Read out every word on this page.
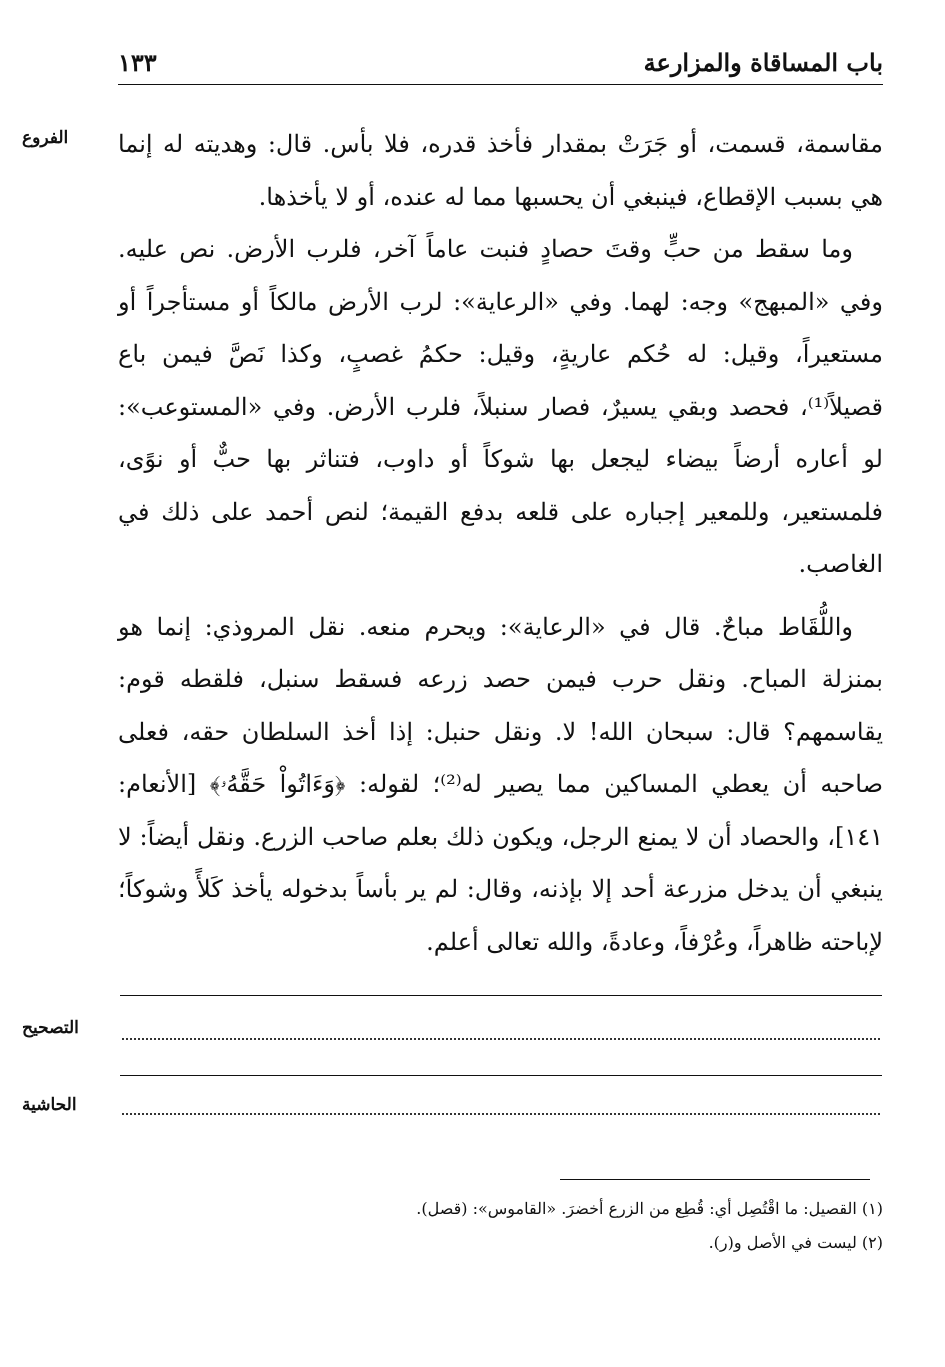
باب المساقاة والمزارعة
١٣٣
الفروع	مقاسمة، قسمت، أو جَرَتْ بمقدار فأخذ قدره، فلا بأس. قال: وهديته له إنما هي بسبب الإقطاع، فينبغي أن يحسبها مما له عنده، أو لا يأخذها.

وما سقط من حبٍّ وقتَ حصادٍ فنبت عاماً آخر، فلرب الأرض. نص عليه. وفي «المبهج» وجه: لهما. وفي «الرعاية»: لرب الأرض مالكاً أو مستأجراً أو مستعيراً، وقيل: له حُكم عاريةٍ، وقيل: حكمُ غصبٍ، وكذا نَصَّ فيمن باع قصيلاً⁽¹⁾، فحصد وبقي يسيرٌ، فصار سنبلاً، فلرب الأرض. وفي «المستوعب»: لو أعاره أرضاً بيضاء ليجعل بها شوكاً أو داوب، فتناثر بها حبٌّ أو نوًى، فلمستعير، وللمعير إجباره على قلعه بدفع القيمة؛ لنص أحمد على ذلك في الغاصب.

واللُّقَاط مباحٌ. قال في «الرعاية»: ويحرم منعه. نقل المروذي: إنما هو بمنزلة المباح. ونقل حرب فيمن حصد زرعه فسقط سنبل، فلقطه قوم: يقاسمهم؟ قال: سبحان الله! لا. ونقل حنبل: إذا أخذ السلطان حقه، فعلى صاحبه أن يعطي المساكين مما يصير له⁽²⁾؛ لقوله: ﴿وَءَاتُواْ حَقَّهُۥ﴾ [الأنعام: ١٤١]، والحصاد أن لا يمنع الرجل، ويكون ذلك بعلم صاحب الزرع. ونقل أيضاً: لا ينبغي أن يدخل مزرعة أحد إلا بإذنه، وقال: لم ير بأساً بدخوله يأخذ كَلأً وشوكاً؛ لإباحته ظاهراً، وعُرْفاً، وعادةً، والله تعالى أعلم.

التصحيح
الحاشية

(١) القصيل: ما اقْتُصِل أي: قُطِع من الزرع أخضرَ. «القاموس»: (قصل).

(٢) ليست في الأصل و(ر).
